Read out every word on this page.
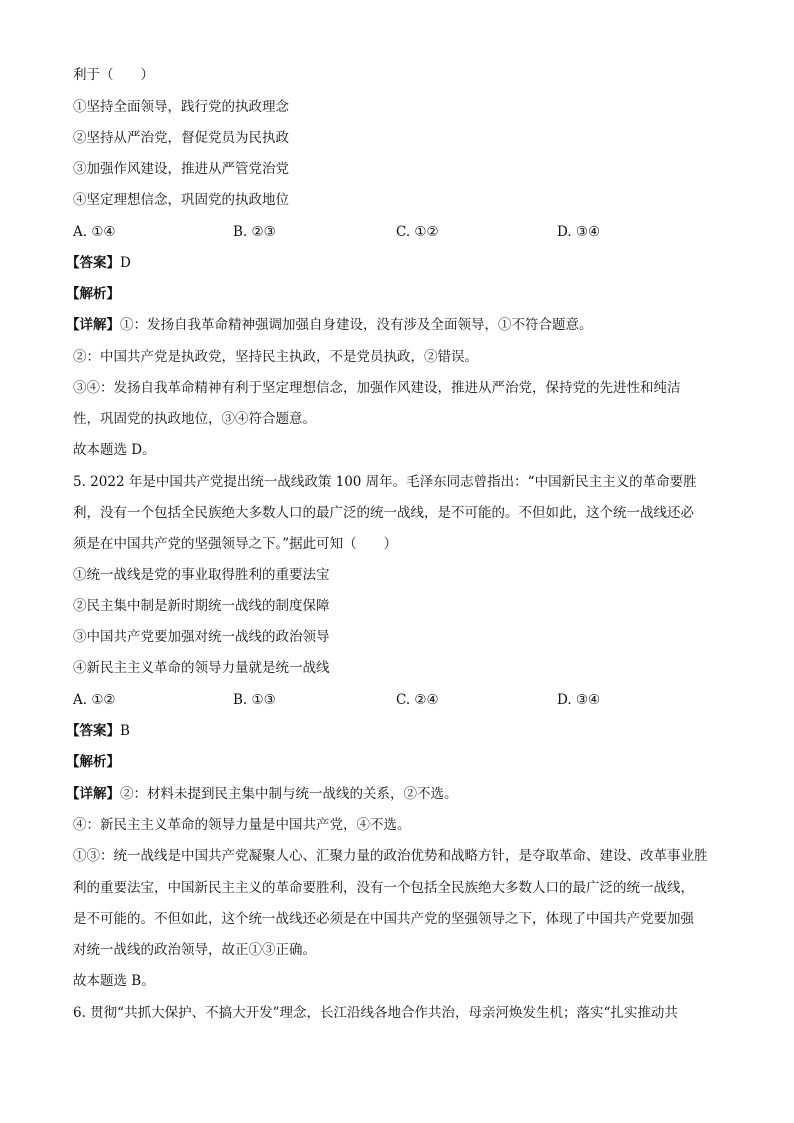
利于（　　）
①坚持全面领导，践行党的执政理念
②坚持从严治党，督促党员为民执政
③加强作风建设，推进从严管党治党
④坚定理想信念，巩固党的执政地位
A. ①④	B. ②③	C. ①②	D. ③④
【答案】D
【解析】
【详解】①：发扬自我革命精神强调加强自身建设，没有涉及全面领导，①不符合题意。
②：中国共产党是执政党，坚持民主执政，不是党员执政，②错误。
③④：发扬自我革命精神有利于坚定理想信念，加强作风建设，推进从严治党，保持党的先进性和纯洁
性，巩固党的执政地位，③④符合题意。
故本题选 D。
5. 2022 年是中国共产党提出统一战线政策 100 周年。毛泽东同志曾指出：“中国新民主主义的革命要胜
利，没有一个包括全民族绝大多数人口的最广泛的统一战线，是不可能的。不但如此，这个统一战线还必
须是在中国共产党的坚强领导之下。”据此可知（　　）
①统一战线是党的事业取得胜利的重要法宝
②民主集中制是新时期统一战线的制度保障
③中国共产党要加强对统一战线的政治领导
④新民主主义革命的领导力量就是统一战线
A. ①②	B. ①③	C. ②④	D. ③④
【答案】B
【解析】
【详解】②：材料未提到民主集中制与统一战线的关系，②不选。
④：新民主主义革命的领导力量是中国共产党，④不选。
①③：统一战线是中国共产党凝聚人心、汇聚力量的政治优势和战略方针，是夺取革命、建设、改革事业胜
利的重要法宝，中国新民主主义的革命要胜利，没有一个包括全民族绝大多数人口的最广泛的统一战线，
是不可能的。不但如此，这个统一战线还必须是在中国共产党的坚强领导之下，体现了中国共产党要加强
对统一战线的政治领导，故正①③正确。
故本题选 B。
6. 贯彻“共抓大保护、不搞大开发”理念，长江沿线各地合作共治，母亲河焕发生机；落实“扎实推动共
